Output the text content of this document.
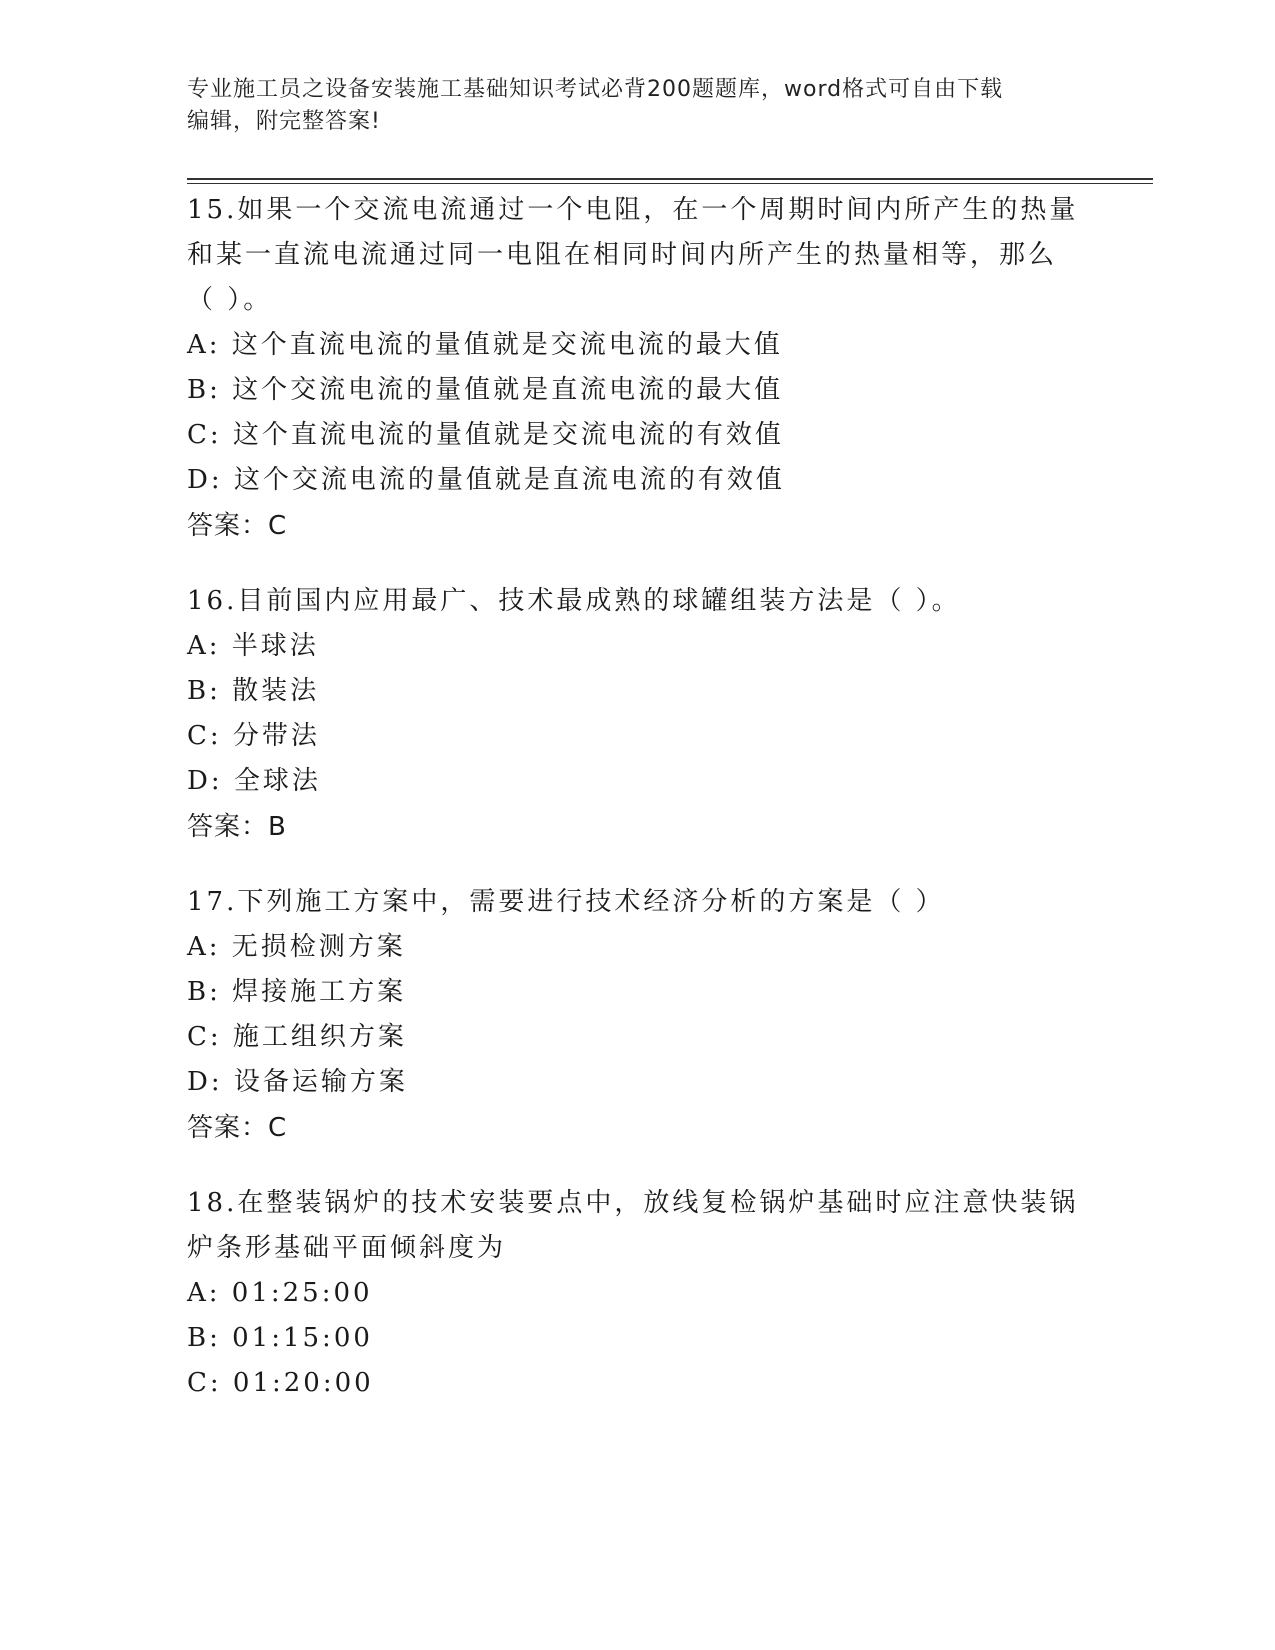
专业施工员之设备安装施工基础知识考试必背200题题库，word格式可自由下载
编辑，附完整答案!
15.如果一个交流电流通过一个电阻，在一个周期时间内所产生的热量
和某一直流电流通过同一电阻在相同时间内所产生的热量相等，那么
（ ）。
A: 这个直流电流的量值就是交流电流的最大值
B: 这个交流电流的量值就是直流电流的最大值
C: 这个直流电流的量值就是交流电流的有效值
D: 这个交流电流的量值就是直流电流的有效值
答案：C
16.目前国内应用最广、技术最成熟的球罐组装方法是（ ）。
A: 半球法
B: 散装法
C: 分带法
D: 全球法
答案：B
17.下列施工方案中，需要进行技术经济分析的方案是（ ）
A: 无损检测方案
B: 焊接施工方案
C: 施工组织方案
D: 设备运输方案
答案：C
18.在整装锅炉的技术安装要点中，放线复检锅炉基础时应注意快装锅
炉条形基础平面倾斜度为
A: 01:25:00
B: 01:15:00
C: 01:20:00
